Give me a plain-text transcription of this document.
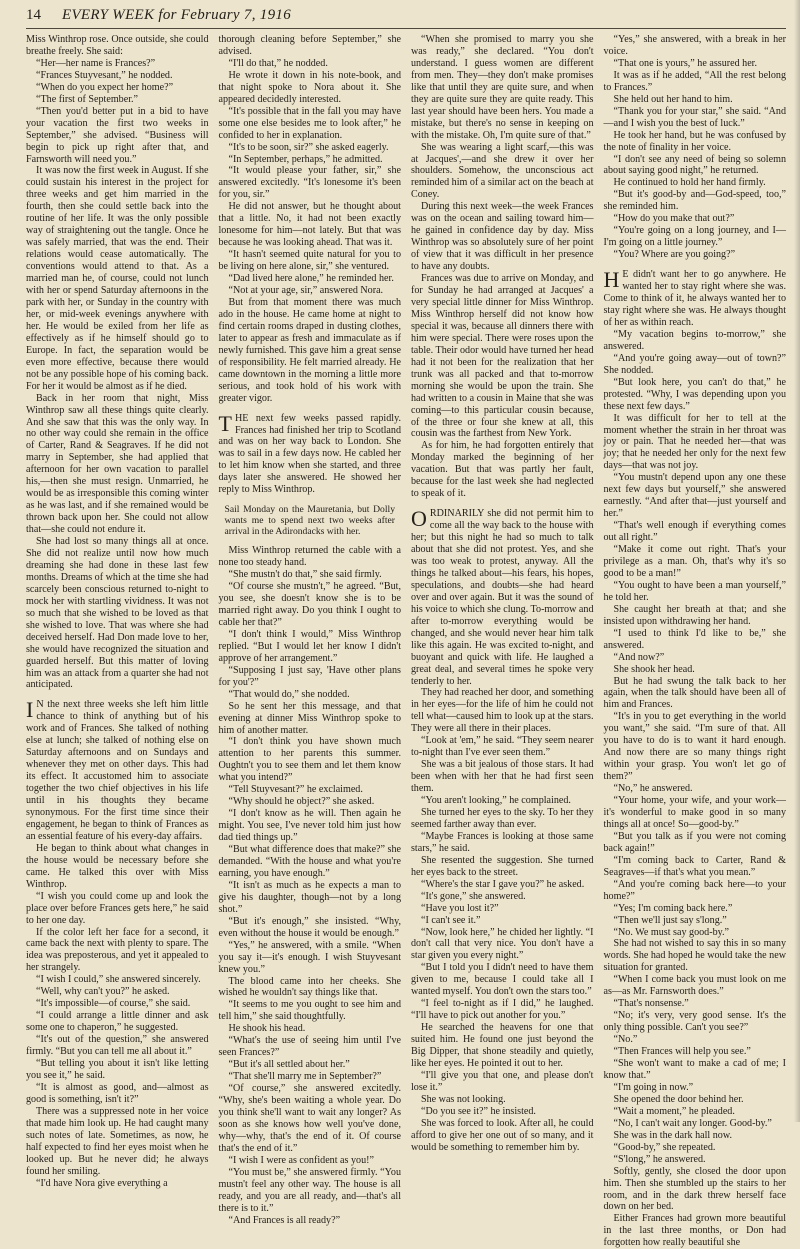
14 EVERY WEEK for February 7, 1916

Miss Winthrop rose. Once outside, she could breathe freely. She said:

“Her—her name is Frances?”

“Frances Stuyvesant,” he nodded.

“When do you expect her home?”

“The first of September.”

“Then you'd better put in a bid to have your vacation the first two weeks in September,” she advised. “Business will begin to pick up right after that, and Farnsworth will need you.”

It was now the first week in August. If she could sustain his interest in the project for three weeks and get him married in the fourth, then she could settle back into the routine of her life. It was the only possible way of straightening out the tangle. Once he was safely married, that was the end. Their relations would cease automatically. The conventions would attend to that. As a married man he, of course, could not lunch with her or spend Saturday afternoons in the park with her, or Sunday in the country with her, or mid-week evenings anywhere with her. He would be exiled from her life as effectively as if he himself should go to Europe. In fact, the separation would be even more effective, because there would not be any possible hope of his coming back. For her it would be almost as if he died.

Back in her room that night, Miss Winthrop saw all these things quite clearly. And she saw that this was the only way. In no other way could she remain in the office of Carter, Rand & Seagraves. If he did not marry in September, she had applied that afternoon for her own vacation to parallel his,—then she must resign. Unmarried, he would be as irresponsible this coming winter as he was last, and if she remained would be thrown back upon her. She could not allow that—she could not endure it.

She had lost so many things all at once. She did not realize until now how much dreaming she had done in these last few months. Dreams of which at the time she had scarcely been conscious returned to-night to mock her with startling vividness. It was not so much that she wished to be loved as that she wished to love. That was where she had deceived herself. Had Don made love to her, she would have recognized the situation and guarded herself. But this matter of loving him was an attack from a quarter she had not anticipated.

I N the next three weeks she left him little chance to think of anything but of his work and of Frances. She talked of nothing else at lunch; she talked of nothing else on Saturday afternoons and on Sundays and whenever they met on other days. This had its effect. It accustomed him to associate together the two chief objectives in his life until in his thoughts they became synonymous. For the first time since their engagement, he began to think of Frances as an essential feature of his every-day affairs.

He began to think about what changes in the house would be necessary before she came. He talked this over with Miss Winthrop.

“I wish you could come up and look the place over before Frances gets here,” he said to her one day.

If the color left her face for a second, it came back the next with plenty to spare. The idea was preposterous, and yet it appealed to her strangely.

“I wish I could,” she answered sincerely.

“Well, why can't you?” he asked.

“It's impossible—of course,” she said.

“I could arrange a little dinner and ask some one to chaperon,” he suggested.

“It's out of the question,” she answered firmly. “But you can tell me all about it.”

“But telling you about it isn't like letting you see it,” he said.

“It is almost as good, and—almost as good is something, isn't it?”

There was a suppressed note in her voice that made him look up. He had caught many such notes of late. Sometimes, as now, he half expected to find her eyes moist when he looked up. But he never did; he always found her smiling.

“I'd have Nora give everything a

thorough cleaning before September,” she advised.

“I'll do that,” he nodded.

He wrote it down in his note-book, and that night spoke to Nora about it. She appeared decidedly interested.

“It's possible that in the fall you may have some one else besides me to look after,” he confided to her in explanation.

“It's to be soon, sir?” she asked eagerly.

“In September, perhaps,” he admitted.

“It would please your father, sir,” she answered excitedly. “It's lonesome it's been for you, sir.”

He did not answer, but he thought about that a little. No, it had not been exactly lonesome for him—not lately. But that was because he was looking ahead. That was it.

“It hasn't seemed quite natural for you to be living on here alone, sir,” she ventured.

“Dad lived here alone,” he reminded her.

“Not at your age, sir,” answered Nora.

But from that moment there was much ado in the house. He came home at night to find certain rooms draped in dusting clothes, later to appear as fresh and immaculate as if newly furnished. This gave him a great sense of responsibility. He felt married already. He came downtown in the morning a little more serious, and took hold of his work with greater vigor.

THE next few weeks passed rapidly. Frances had finished her trip to Scotland and was on her way back to London. She was to sail in a few days now. He cabled her to let him know when she started, and three days later she answered. He showed her reply to Miss Winthrop.

Sail Monday on the Mauretania, but Dolly wants me to spend next two weeks after arrival in the Adirondacks with her.

Miss Winthrop returned the cable with a none too steady hand.

“She mustn't do that,” she said firmly.

“Of course she mustn't,” he agreed. “But, you see, she doesn't know she is to be married right away. Do you think I ought to cable her that?”

“I don't think I would,” Miss Winthrop replied. “But I would let her know I didn't approve of her arrangement.”

“Supposing I just say, 'Have other plans for you'?”

“That would do,” she nodded.

So he sent her this message, and that evening at dinner Miss Winthrop spoke to him of another matter.

“I don't think you have shown much attention to her parents this summer. Oughtn't you to see them and let them know what you intend?”

“Tell Stuyvesant?” he exclaimed.

“Why should he object?” she asked.

“I don't know as he will. Then again he might. You see, I've never told him just how dad tied things up.”

“But what difference does that make?” she demanded. “With the house and what you're earning, you have enough.”

“It isn't as much as he expects a man to give his daughter, though—not by a long shot.”

“But it's enough,” she insisted. “Why, even without the house it would be enough.”

“Yes,” he answered, with a smile. “When you say it—it's enough. I wish Stuyvesant knew you.”

The blood came into her cheeks. She wished he wouldn't say things like that.

“It seems to me you ought to see him and tell him,” she said thoughtfully.

He shook his head.

“What's the use of seeing him until I've seen Frances?”

“But it's all settled about her.”

“That she'll marry me in September?”

“Of course,” she answered excitedly. “Why, she's been waiting a whole year. Do you think she'll want to wait any longer? As soon as she knows how well you've done, why—why, that's the end of it. Of course that's the end of it.”

“I wish I were as confident as you!”

“You must be,” she answered firmly. “You mustn't feel any other way. The house is all ready, and you are all ready, and—that's all there is to it.”

“And Frances is all ready?”

“When she promised to marry you she was ready,” she declared. “You don't understand. I guess women are different from men. They—they don't make promises like that until they are quite sure, and when they are quite sure they are quite ready. This last year should have been hers. You made a mistake, but there's no sense in keeping on with the mistake. Oh, I'm quite sure of that.”

She was wearing a light scarf,—this was at Jacques',—and she drew it over her shoulders. Somehow, the unconscious act reminded him of a similar act on the beach at Coney.

During this next week—the week Frances was on the ocean and sailing toward him—he gained in confidence day by day. Miss Winthrop was so absolutely sure of her point of view that it was difficult in her presence to have any doubts.

Frances was due to arrive on Monday, and for Sunday he had arranged at Jacques' a very special little dinner for Miss Winthrop. Miss Winthrop herself did not know how special it was, because all dinners there with him were special. There were roses upon the table. Their odor would have turned her head had it not been for the realization that her trunk was all packed and that to-morrow morning she would be upon the train. She had written to a cousin in Maine that she was coming—to this particular cousin because, of the three or four she knew at all, this cousin was the farthest from New York.

As for him, he had forgotten entirely that Monday marked the beginning of her vacation. But that was partly her fault, because for the last week she had neglected to speak of it.

ORDINARILY she did not permit him to come all the way back to the house with her; but this night he had so much to talk about that she did not protest. Yes, and she was too weak to protest, anyway. All the things he talked about—his fears, his hopes, speculations, and doubts—she had heard over and over again. But it was the sound of his voice to which she clung. To-morrow and after to-morrow everything would be changed, and she would never hear him talk like this again. He was excited to-night, and buoyant and quick with life. He laughed a great deal, and several times he spoke very tenderly to her.

They had reached her door, and something in her eyes—for the life of him he could not tell what—caused him to look up at the stars. They were all there in their places.

“Look at 'em,” he said. “They seem nearer to-night than I've ever seen them.”

She was a bit jealous of those stars. It had been when with her that he had first seen them.

“You aren't looking,” he complained.

She turned her eyes to the sky. To her they seemed farther away than ever.

“Maybe Frances is looking at those same stars,” he said.

She resented the suggestion. She turned her eyes back to the street.

“Where's the star I gave you?” he asked.

“It's gone,” she answered.

“Have you lost it?”

“I can't see it.”

“Now, look here,” he chided her lightly. “I don't call that very nice. You don't have a star given you every night.”

“But I told you I didn't need to have them given to me, because I could take all I wanted myself. You don't own the stars too.”

“I feel to-night as if I did,” he laughed. “I'll have to pick out another for you.”

He searched the heavens for one that suited him. He found one just beyond the Big Dipper, that shone steadily and quietly, like her eyes. He pointed it out to her.

“I'll give you that one, and please don't lose it.”

She was not looking.

“Do you see it?” he insisted.

She was forced to look. After all, he could afford to give her one out of so many, and it would be something to remember him by.

“Yes,” she answered, with a break in her voice.

“That one is yours,” he assured her.

It was as if he added, “All the rest belong to Frances.”

She held out her hand to him.

“Thank you for your star,” she said. “And—and I wish you the best of luck.”

He took her hand, but he was confused by the note of finality in her voice.

“I don't see any need of being so solemn about saying good night,” he returned.

He continued to hold her hand firmly.

“But it's good-by and—God-speed, too,” she reminded him.

“How do you make that out?”

“You're going on a long journey, and I—I'm going on a little journey.”

“You? Where are you going?”

H E didn't want her to go anywhere. He wanted her to stay right where she was. Come to think of it, he always wanted her to stay right where she was. He always thought of her as within reach.

“My vacation begins to-morrow,” she answered.

“And you're going away—out of town?” She nodded.

“But look here, you can't do that,” he protested. “Why, I was depending upon you these next few days.”

It was difficult for her to tell at the moment whether the strain in her throat was joy or pain. That he needed her—that was joy; that he needed her only for the next few days—that was not joy.

“You mustn't depend upon any one these next few days but yourself,” she answered earnestly. “And after that—just yourself and her.”

“That's well enough if everything comes out all right.”

“Make it come out right. That's your privilege as a man. Oh, that's why it's so good to be a man!”

“You ought to have been a man yourself,” he told her.

She caught her breath at that; and she insisted upon withdrawing her hand.

“I used to think I'd like to be,” she answered.

“And now?”

She shook her head.

But he had swung the talk back to her again, when the talk should have been all of him and Frances.

“It's in you to get everything in the world you want,” she said. “I'm sure of that. All you have to do is to want it hard enough. And now there are so many things right within your grasp. You won't let go of them?”

“No,” he answered.

“Your home, your wife, and your work—it's wonderful to make good in so many things all at once! So—good-by.”

“But you talk as if you were not coming back again!”

“I'm coming back to Carter, Rand & Seagraves—if that's what you mean.”

“And you're coming back here—to your home?”

“Yes; I'm coming back here.”

“Then we'll just say s'long.”

“No. We must say good-by.”

She had not wished to say this in so many words. She had hoped he would take the new situation for granted.

“When I come back you must look on me as—as Mr. Farnsworth does.”

“That's nonsense.”

“No; it's very, very good sense. It's the only thing possible. Can't you see?”

“No.”

“Then Frances will help you see.”

“She won't want to make a cad of me; I know that.”

“I'm going in now.”

She opened the door behind her.

“Wait a moment,” he pleaded.

“No, I can't wait any longer. Good-by.”

She was in the dark hall now.

“Good-by,” she repeated.

“S'long,” he answered.

Softly, gently, she closed the door upon him. Then she stumbled up the stairs to her room, and in the dark threw herself face down on her bed.

Either Frances had grown more beautiful in the last three months, or Don had forgotten how really beautiful she
